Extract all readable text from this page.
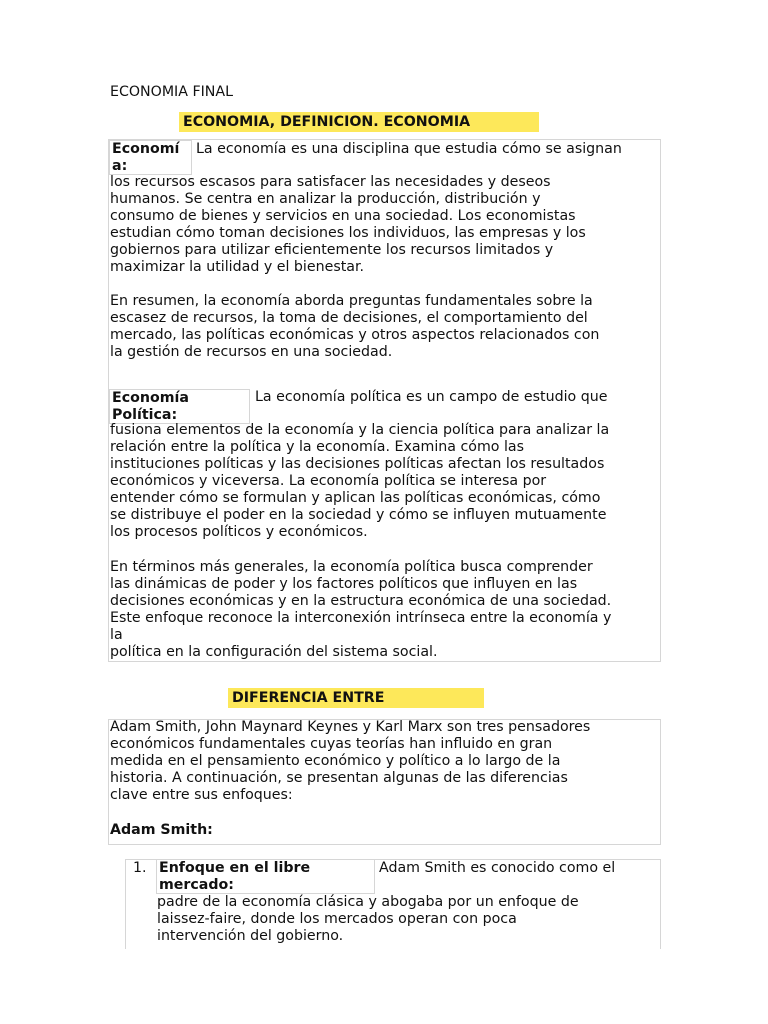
ECONOMIA FINAL
ECONOMIA, DEFINICION. ECONOMIA
Economí
a:
La economía es una disciplina que estudia cómo se asignan
los recursos escasos para satisfacer las necesidades y deseos
humanos. Se centra en analizar la producción, distribución y
consumo de bienes y servicios en una sociedad. Los economistas
estudian cómo toman decisiones los individuos, las empresas y los
gobiernos para utilizar eficientemente los recursos limitados y
maximizar la utilidad y el bienestar.
En resumen, la economía aborda preguntas fundamentales sobre la
escasez de recursos, la toma de decisiones, el comportamiento del
mercado, las políticas económicas y otros aspectos relacionados con
la gestión de recursos en una sociedad.
Economía
Política:
La economía política es un campo de estudio que
fusiona elementos de la economía y la ciencia política para analizar la
relación entre la política y la economía. Examina cómo las
instituciones políticas y las decisiones políticas afectan los resultados
económicos y viceversa. La economía política se interesa por
entender cómo se formulan y aplican las políticas económicas, cómo
se distribuye el poder en la sociedad y cómo se influyen mutuamente
los procesos políticos y económicos.
En términos más generales, la economía política busca comprender
las dinámicas de poder y los factores políticos que influyen en las
decisiones económicas y en la estructura económica de una sociedad.
Este enfoque reconoce la interconexión intrínseca entre la economía y
la
política en la configuración del sistema social.
DIFERENCIA ENTRE
Adam Smith, John Maynard Keynes y Karl Marx son tres pensadores
económicos fundamentales cuyas teorías han influido en gran
medida en el pensamiento económico y político a lo largo de la
historia. A continuación, se presentan algunas de las diferencias
clave entre sus enfoques:
Adam Smith:
1. Enfoque en el libre
mercado:
Adam Smith es conocido como el
padre de la economía clásica y abogaba por un enfoque de
laissez-faire, donde los mercados operan con poca
intervención del gobierno.
